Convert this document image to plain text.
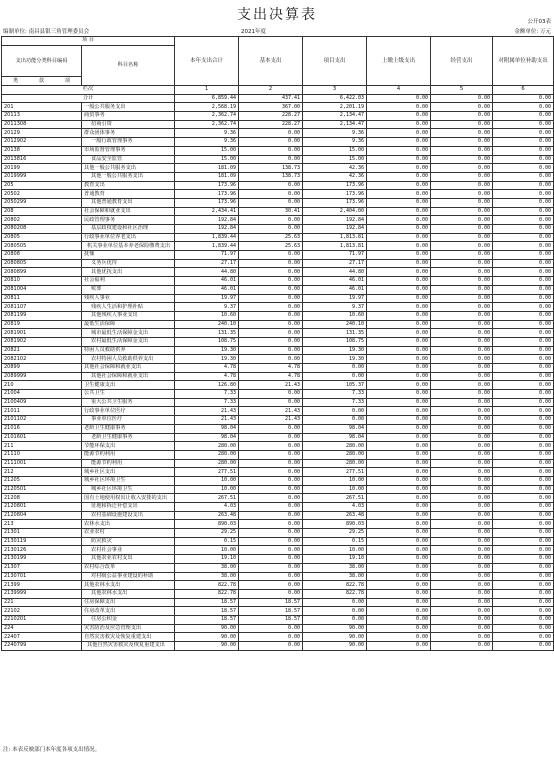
支出决算表	公开03表
编制单位: 南昌县银三角管理委员会	2021年度	金额单位: 万元
项 目		本年支出合计	基本支出	项目支出	上缴上级支出	经营支出	对附属单位补助支出
支出功能分类科目编码	科目名称						
类 款 项							
栏次		1	2	3	4	5	6
合计		6,859.44	437.41	6,422.03	0.00	0.00	0.00
201	一般公共服务支出	2,568.19	367.00	2,201.19	0.00	0.00	0.00
20113	商贸事务	2,362.74	228.27	2,134.47	0.00	0.00	0.00
2011308	招商引资	2,362.74	228.27	2,134.47	0.00	0.00	0.00
20129	群众团体事务	9.36	0.00	9.36	0.00	0.00	0.00
2012902	一般行政管理事务	9.36	0.00	9.36	0.00	0.00	0.00
20138	市场监督管理事务	15.00	0.00	15.00	0.00	0.00	0.00
2013816	食品安全监管	15.00	0.00	15.00	0.00	0.00	0.00
20199	其他一般公共服务支出	181.09	138.73	42.36	0.00	0.00	0.00
2019999	其他一般公共服务支出	181.09	138.73	42.36	0.00	0.00	0.00
205	教育支出	173.96	0.00	173.96	0.00	0.00	0.00
20502	普通教育	173.96	0.00	173.96	0.00	0.00	0.00
2050299	其他普通教育支出	173.96	0.00	173.96	0.00	0.00	0.00
208	社会保障和就业支出	2,434.41	30.41	2,404.00	0.00	0.00	0.00
20802	民政管理事务	192.84	0.00	192.84	0.00	0.00	0.00
2080208	基层政权建设和社区治理	192.84	0.00	192.84	0.00	0.00	0.00
20805	行政事业单位养老支出	1,839.44	25.63	1,813.81	0.00	0.00	0.00
2080505	机关事业单位基本养老保险缴费支出	1,839.44	25.63	1,813.81	0.00	0.00	0.00
20808	抚恤	71.97	0.00	71.97	0.00	0.00	0.00
2080805	义务兵优待	27.17	0.00	27.17	0.00	0.00	0.00
2080899	其他优抚支出	44.80	0.00	44.80	0.00	0.00	0.00
20810	社会福利	46.01	0.00	46.01	0.00	0.00	0.00
2081004	殡葬	46.01	0.00	46.01	0.00	0.00	0.00
20811	残疾人事业	19.97	0.00	19.97	0.00	0.00	0.00
2081107	残疾人生活和护理补贴	9.37	0.00	9.37	0.00	0.00	0.00
2081199	其他残疾人事业支出	10.60	0.00	10.60	0.00	0.00	0.00
20819	最低生活保障	240.10	0.00	240.10	0.00	0.00	0.00
2081901	城市最低生活保障金支出	131.35	0.00	131.35	0.00	0.00	0.00
2081902	农村最低生活保障金支出	108.75	0.00	108.75	0.00	0.00	0.00
20821	特困人员救助供养	19.30	0.00	19.30	0.00	0.00	0.00
2082102	农村特困人员救助供养支出	19.30	0.00	19.30	0.00	0.00	0.00
20899	其他社会保障和就业支出	4.78	4.78	0.00	0.00	0.00	0.00
2089999	其他社会保障和就业支出	4.78	4.78	0.00	0.00	0.00	0.00
210	卫生健康支出	126.80	21.43	105.37	0.00	0.00	0.00
21004	公共卫生	7.33	0.00	7.33	0.00	0.00	0.00
2100409	重大公共卫生服务	7.33	0.00	7.33	0.00	0.00	0.00
21011	行政事业单位医疗	21.43	21.43	0.00	0.00	0.00	0.00
2101102	事业单位医疗	21.43	21.43	0.00	0.00	0.00	0.00
21016	老龄卫生健康事务	98.04	0.00	98.04	0.00	0.00	0.00
2101601	老龄卫生健康事务	98.04	0.00	98.04	0.00	0.00	0.00
211	节能环保支出	280.00	0.00	280.00	0.00	0.00	0.00
21110	能源节约利用	280.00	0.00	280.00	0.00	0.00	0.00
2111001	能源节约利用	280.00	0.00	280.00	0.00	0.00	0.00
212	城乡社区支出	277.51	0.00	277.51	0.00	0.00	0.00
21205	城乡社区环境卫生	10.00	0.00	10.00	0.00	0.00	0.00
2120501	城乡社区环境卫生	10.00	0.00	10.00	0.00	0.00	0.00
21208	国有土地使用权出让收入安排的支出	267.51	0.00	267.51	0.00	0.00	0.00
2120801	征地和拆迁补偿支出	4.03	0.00	4.03	0.00	0.00	0.00
2120804	农村基础设施建设支出	263.48	0.00	263.48	0.00	0.00	0.00
213	农林水支出	890.03	0.00	890.03	0.00	0.00	0.00
21301	农业农村	29.25	0.00	29.25	0.00	0.00	0.00
2130119	防灾救灾	0.15	0.00	0.15	0.00	0.00	0.00
2130126	农村社会事业	10.00	0.00	10.00	0.00	0.00	0.00
2130199	其他农业农村支出	19.10	0.00	19.10	0.00	0.00	0.00
21307	农村综合改革	38.00	0.00	38.00	0.00	0.00	0.00
2130701	对村级公益事业建设的补助	38.00	0.00	38.00	0.00	0.00	0.00
21399	其他农林水支出	822.78	0.00	822.78	0.00	0.00	0.00
2139999	其他农林水支出	822.78	0.00	822.78	0.00	0.00	0.00
221	住房保障支出	18.57	18.57	0.00	0.00	0.00	0.00
22102	住房改革支出	18.57	18.57	0.00	0.00	0.00	0.00
2210201	住房公积金	18.57	18.57	0.00	0.00	0.00	0.00
224	灾害防治及应急管理支出	90.00	0.00	90.00	0.00	0.00	0.00
22407	自然灾害救灾及恢复重建支出	90.00	0.00	90.00	0.00	0.00	0.00
2240799	其他自然灾害救灾及恢复重建支出	90.00	0.00	90.00	0.00	0.00	0.00
注: 本表反映部门本年度各项支出情况。
